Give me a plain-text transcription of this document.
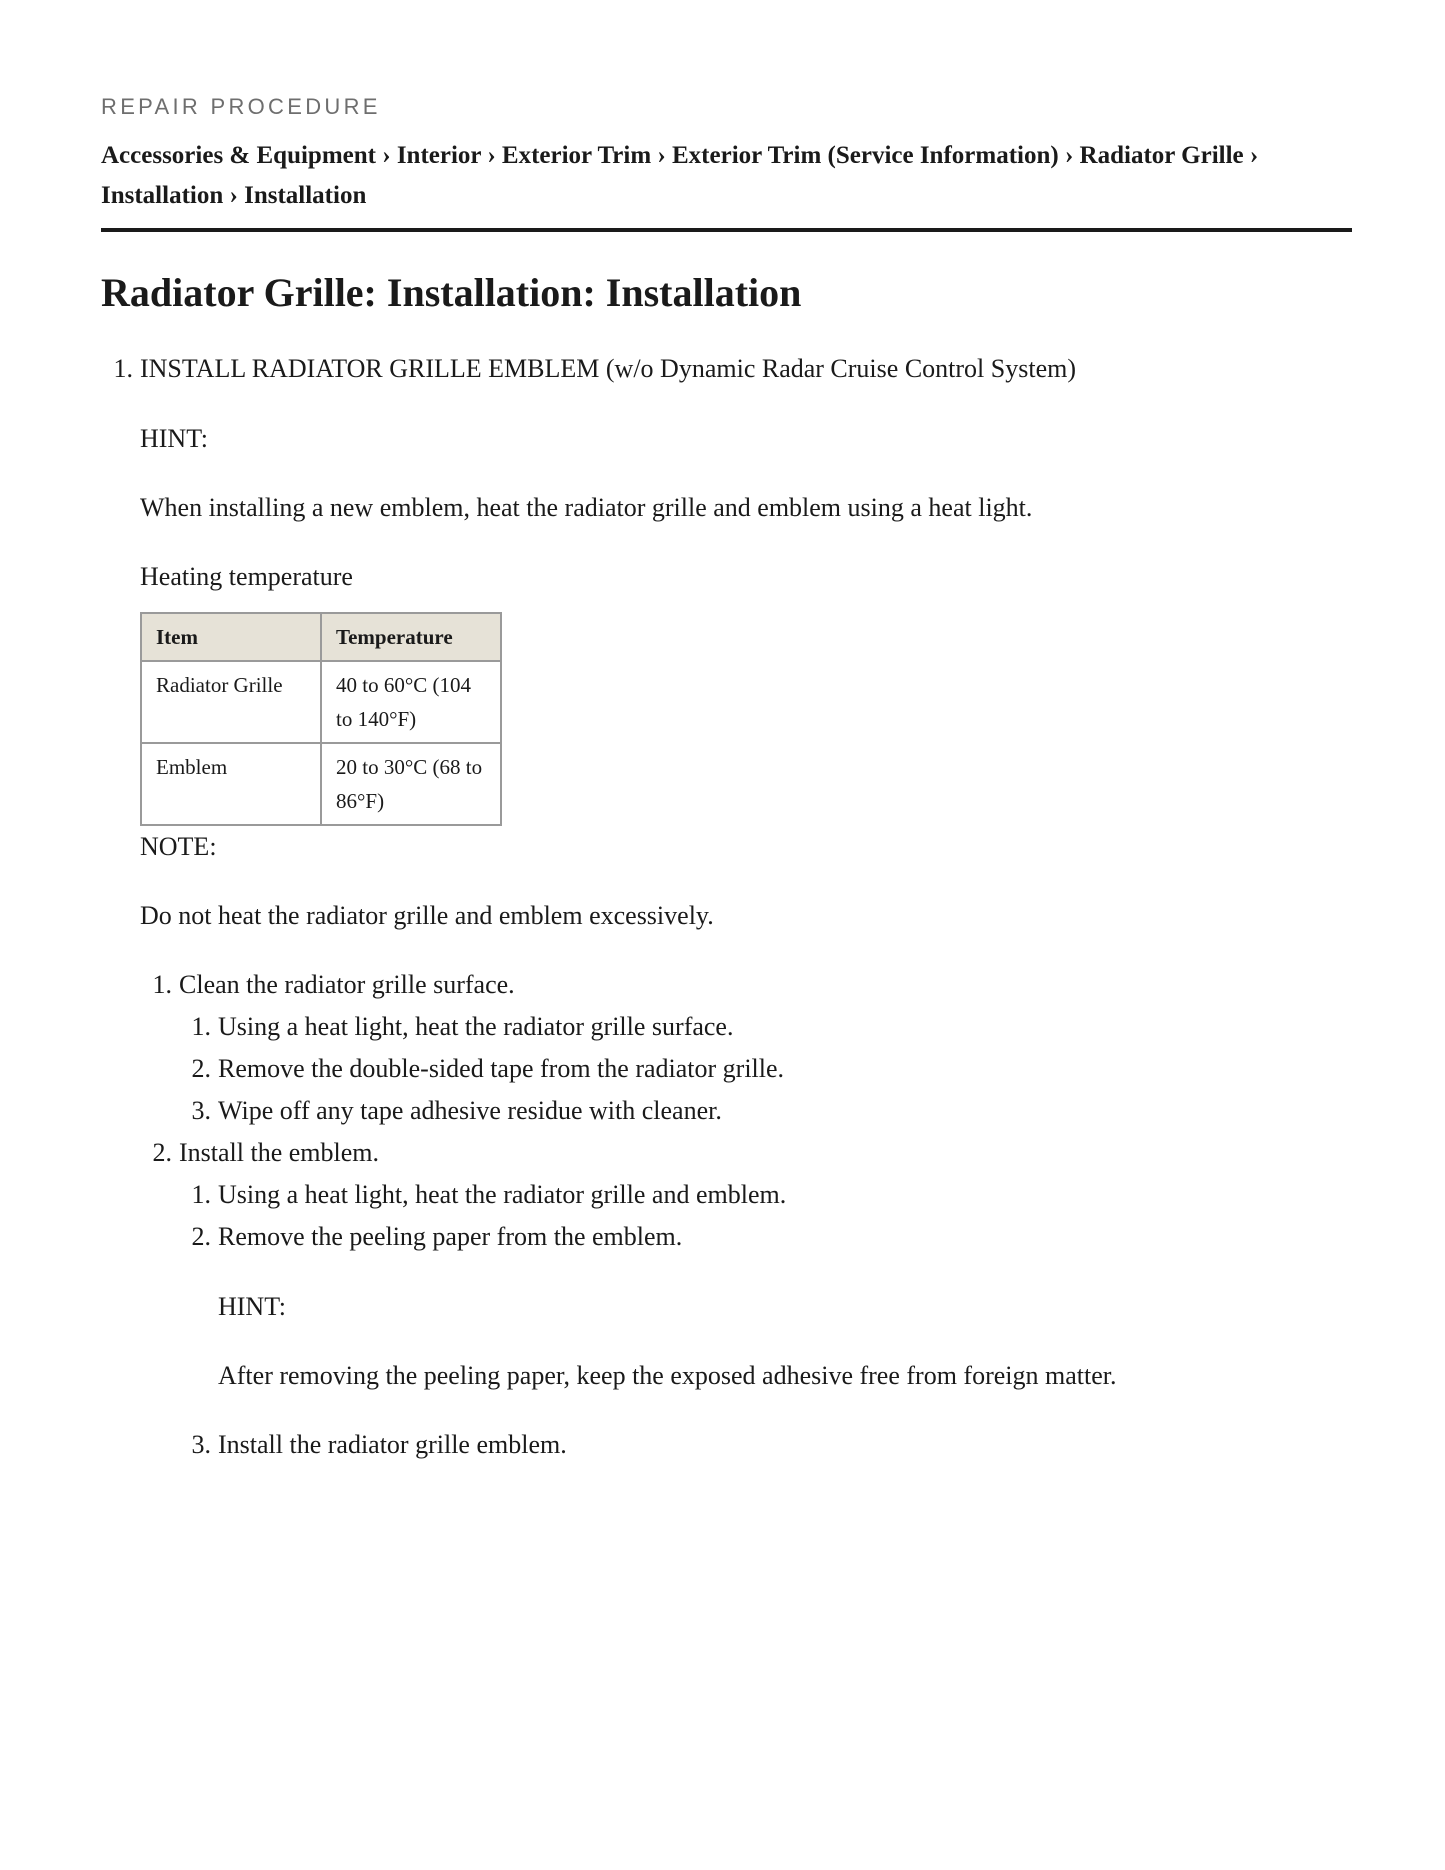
REPAIR PROCEDURE
Accessories & Equipment › Interior › Exterior Trim › Exterior Trim (Service Information) › Radiator Grille › Installation › Installation
Radiator Grille: Installation: Installation
1. INSTALL RADIATOR GRILLE EMBLEM (w/o Dynamic Radar Cruise Control System)

HINT:

When installing a new emblem, heat the radiator grille and emblem using a heat light.

Heating temperature

Item	Temperature
Radiator Grille	40 to 60°C (104 to 140°F)
Emblem	20 to 30°C (68 to 86°F)

NOTE:

Do not heat the radiator grille and emblem excessively.

1. Clean the radiator grille surface.
1. Using a heat light, heat the radiator grille surface.
2. Remove the double-sided tape from the radiator grille.
3. Wipe off any tape adhesive residue with cleaner.
2. Install the emblem.
1. Using a heat light, heat the radiator grille and emblem.
2. Remove the peeling paper from the emblem.

HINT:

After removing the peeling paper, keep the exposed adhesive free from foreign matter.

3. Install the radiator grille emblem.
